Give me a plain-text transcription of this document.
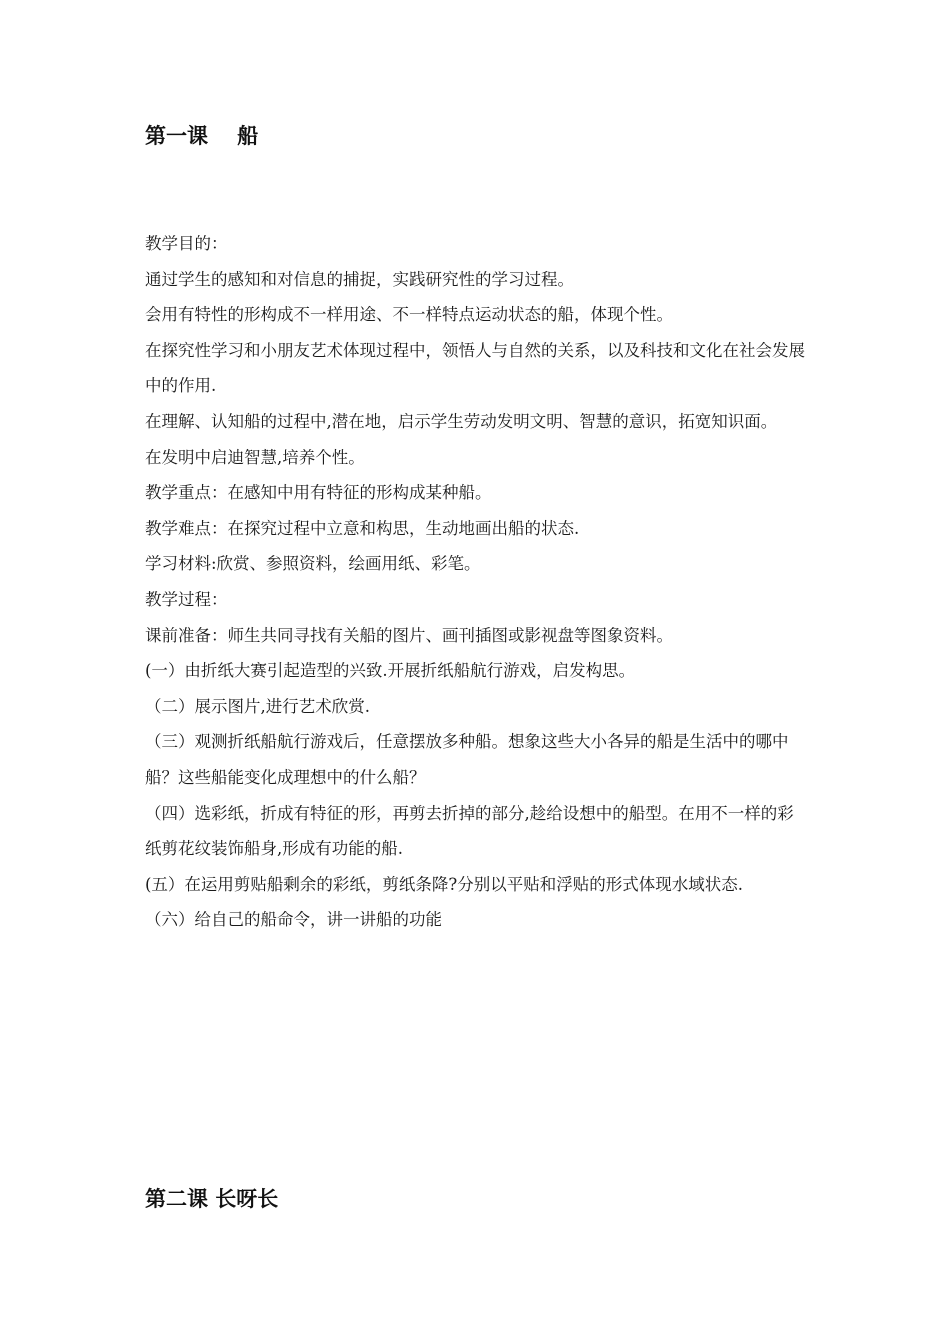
第一课    船

教学目的：

通过学生的感知和对信息的捕捉，实践研究性的学习过程。

会用有特性的形构成不一样用途、不一样特点运动状态的船，体现个性。

在探究性学习和小朋友艺术体现过程中，领悟人与自然的关系，以及科技和文化在社会发展中的作用.

在理解、认知船的过程中,潜在地，启示学生劳动发明文明、智慧的意识，拓宽知识面。

在发明中启迪智慧,培养个性。

教学重点：在感知中用有特征的形构成某种船。

教学难点：在探究过程中立意和构思，生动地画出船的状态.

学习材料:欣赏、参照资料，绘画用纸、彩笔。

教学过程：

课前准备：师生共同寻找有关船的图片、画刊插图或影视盘等图象资料。

(一）由折纸大赛引起造型的兴致.开展折纸船航行游戏，启发构思。

（二）展示图片,进行艺术欣赏.

（三）观测折纸船航行游戏后，任意摆放多种船。想象这些大小各异的船是生活中的哪中船？这些船能变化成理想中的什么船？

（四）选彩纸，折成有特征的形，再剪去折掉的部分,趁给设想中的船型。在用不一样的彩纸剪花纹装饰船身,形成有功能的船.

(五）在运用剪贴船剩余的彩纸，剪纸条降?分别以平贴和浮贴的形式体现水域状态.

（六）给自己的船命令，讲一讲船的功能

第二课 长呀长
